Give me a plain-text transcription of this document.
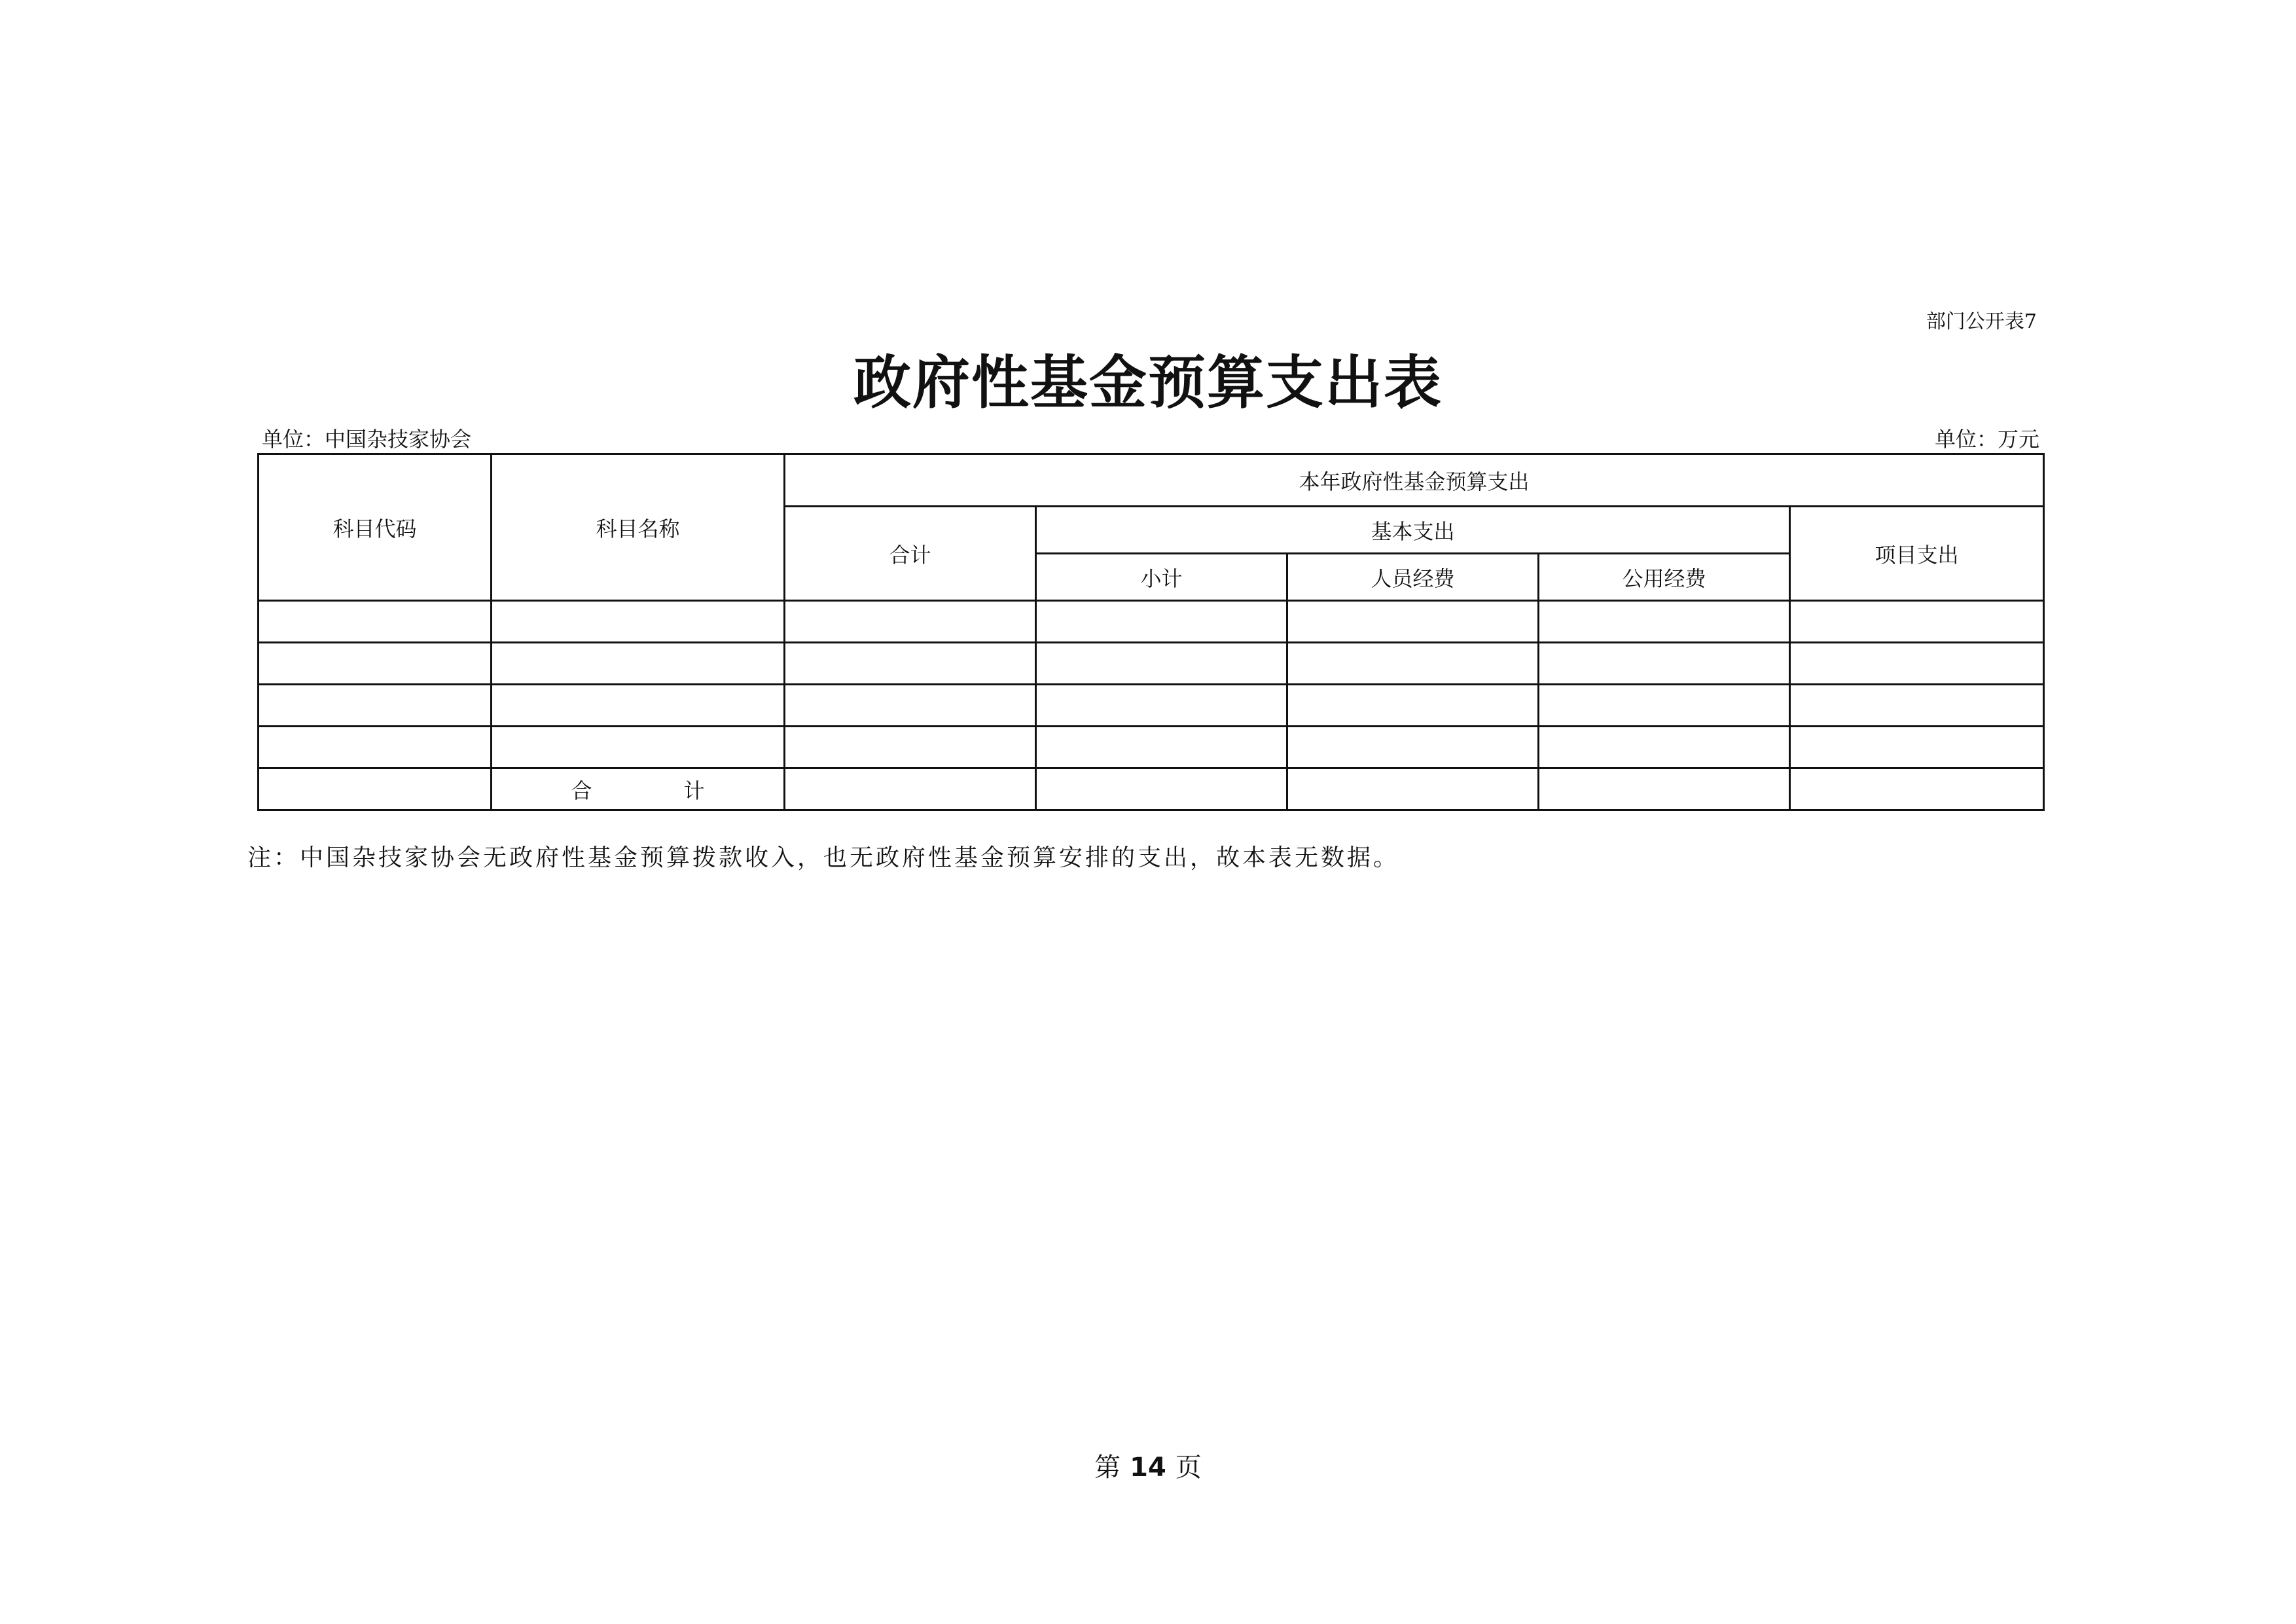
部门公开表7
政府性基金预算支出表
单位：中国杂技家协会	单位：万元
科目代码	科目名称	本年政府性基金预算支出					
		合计	基本支出			项目支出	
			小计	人员经费	公用经费		

	合 计						
注：中国杂技家协会无政府性基金预算拨款收入，也无政府性基金预算安排的支出，故本表无数据。
第 14 页
